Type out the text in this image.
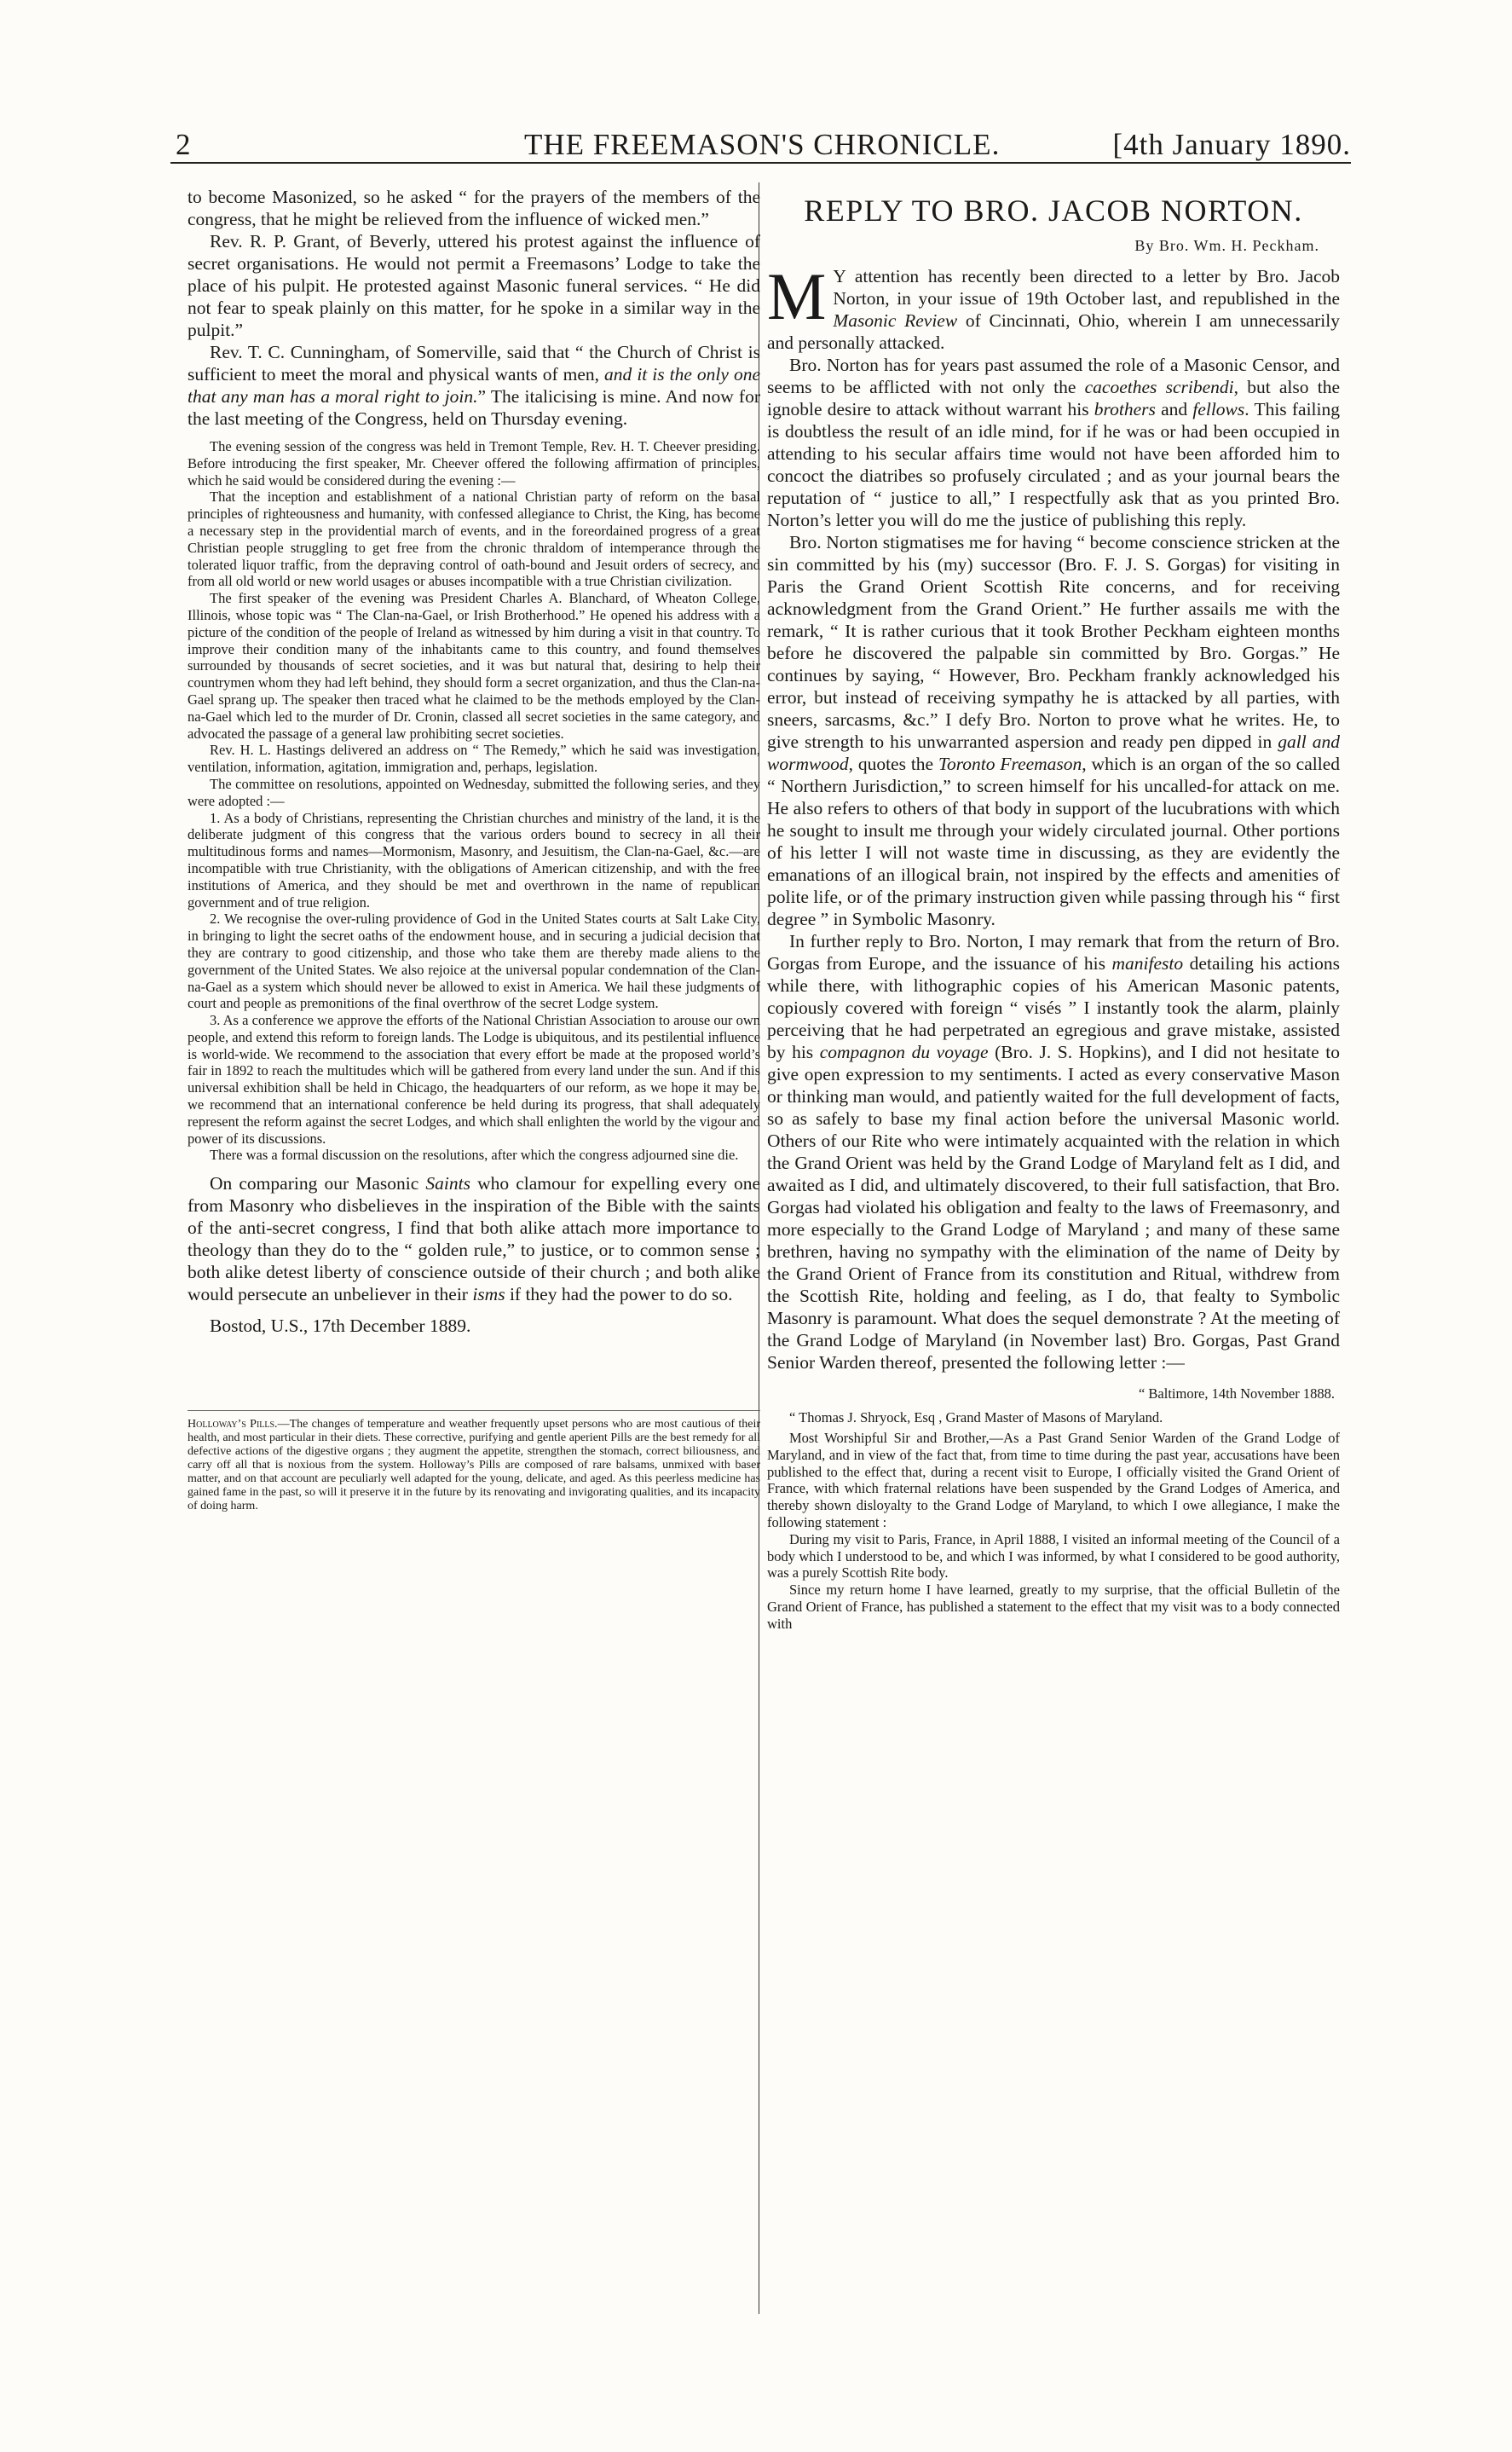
2	THE FREEMASON'S CHRONICLE.	[4th January 1890.

to become Masonized, so he asked “ for the prayers of the members of the congress, that he might be relieved from the influence of wicked men.”

Rev. R. P. Grant, of Beverly, uttered his protest against the influence of secret organisations. He would not permit a Freemasons’ Lodge to take the place of his pulpit. He protested against Masonic funeral services. “ He did not fear to speak plainly on this matter, for he spoke in a similar way in the pulpit.”

Rev. T. C. Cunningham, of Somerville, said that “ the Church of Christ is sufficient to meet the moral and physical wants of men, and it is the only one that any man has a moral right to join.” The italicising is mine. And now for the last meeting of the Congress, held on Thursday evening.

The evening session of the congress was held in Tremont Temple, Rev. H. T. Cheever presiding. Before introducing the first speaker, Mr. Cheever offered the following affirmation of principles, which he said would be considered during the evening :—

That the inception and establishment of a national Christian party of reform on the basal principles of righteousness and humanity, with confessed allegiance to Christ, the King, has become a necessary step in the providential march of events, and in the foreordained progress of a great Christian people struggling to get free from the chronic thraldom of intemperance through the tolerated liquor traffic, from the depraving control of oath-bound and Jesuit orders of secrecy, and from all old world or new world usages or abuses incompatible with a true Christian civilization.

The first speaker of the evening was President Charles A. Blanchard, of Wheaton College, Illinois, whose topic was “ The Clan-na-Gael, or Irish Brotherhood.” He opened his address with a picture of the condition of the people of Ireland as witnessed by him during a visit in that country. To improve their condition many of the inhabitants came to this country, and found themselves surrounded by thousands of secret societies, and it was but natural that, desiring to help their countrymen whom they had left behind, they should form a secret organization, and thus the Clan-na-Gael sprang up. The speaker then traced what he claimed to be the methods employed by the Clan-na-Gael which led to the murder of Dr. Cronin, classed all secret societies in the same category, and advocated the passage of a general law prohibiting secret societies.

Rev. H. L. Hastings delivered an address on “ The Remedy,” which he said was investigation, ventilation, information, agitation, immigration and, perhaps, legislation.

The committee on resolutions, appointed on Wednesday, submitted the following series, and they were adopted :—

1. As a body of Christians, representing the Christian churches and ministry of the land, it is the deliberate judgment of this congress that the various orders bound to secrecy in all their multitudinous forms and names—Mormonism, Masonry, and Jesuitism, the Clan-na-Gael, &c.—are incompatible with true Christianity, with the obligations of American citizenship, and with the free institutions of America, and they should be met and overthrown in the name of republican government and of true religion.

2. We recognise the over-ruling providence of God in the United States courts at Salt Lake City, in bringing to light the secret oaths of the endowment house, and in securing a judicial decision that they are contrary to good citizenship, and those who take them are thereby made aliens to the government of the United States. We also rejoice at the universal popular condemnation of the Clan-na-Gael as a system which should never be allowed to exist in America. We hail these judgments of court and people as premonitions of the final overthrow of the secret Lodge system.

3. As a conference we approve the efforts of the National Christian Association to arouse our own people, and extend this reform to foreign lands. The Lodge is ubiquitous, and its pestilential influence is world-wide. We recommend to the association that every effort be made at the proposed world’s fair in 1892 to reach the multitudes which will be gathered from every land under the sun. And if this universal exhibition shall be held in Chicago, the headquarters of our reform, as we hope it may be, we recommend that an international conference be held during its progress, that shall adequately represent the reform against the secret Lodges, and which shall enlighten the world by the vigour and power of its discussions.

There was a formal discussion on the resolutions, after which the congress adjourned sine die.

On comparing our Masonic Saints who clamour for expelling every one from Masonry who disbelieves in the inspiration of the Bible with the saints of the anti-secret congress, I find that both alike attach more importance to theology than they do to the “ golden rule,” to justice, or to common sense ; both alike detest liberty of conscience outside of their church ; and both alike would persecute an unbeliever in their isms if they had the power to do so.

Bostod, U.S., 17th December 1889.

Holloway’s Pills.—The changes of temperature and weather frequently upset persons who are most cautious of their health, and most particular in their diets. These corrective, purifying and gentle aperient Pills are the best remedy for all defective actions of the digestive organs ; they augment the appetite, strengthen the stomach, correct biliousness, and carry off all that is noxious from the system. Holloway’s Pills are composed of rare balsams, unmixed with baser matter, and on that account are peculiarly well adapted for the young, delicate, and aged. As this peerless medicine has gained fame in the past, so will it preserve it in the future by its renovating and invigorating qualities, and its incapacity of doing harm.

REPLY TO BRO. JACOB NORTON.
By Bro. Wm. H. Peckham.

M Y attention has recently been directed to a letter by Bro. Jacob Norton, in your issue of 19th October last, and republished in the Masonic Review of Cincinnati, Ohio, wherein I am unnecessarily and personally attacked.

Bro. Norton has for years past assumed the role of a Masonic Censor, and seems to be afflicted with not only the cacoethes scribendi, but also the ignoble desire to attack without warrant his brothers and fellows. This failing is doubtless the result of an idle mind, for if he was or had been occupied in attending to his secular affairs time would not have been afforded him to concoct the diatribes so profusely circulated ; and as your journal bears the reputation of “ justice to all,” I respectfully ask that as you printed Bro. Norton’s letter you will do me the justice of publishing this reply.

Bro. Norton stigmatises me for having “ become conscience stricken at the sin committed by his (my) successor (Bro. F. J. S. Gorgas) for visiting in Paris the Grand Orient Scottish Rite concerns, and for receiving acknowledgment from the Grand Orient.” He further assails me with the remark, “ It is rather curious that it took Brother Peckham eighteen months before he discovered the palpable sin committed by Bro. Gorgas.” He continues by saying, “ However, Bro. Peckham frankly acknowledged his error, but instead of receiving sympathy he is attacked by all parties, with sneers, sarcasms, &c.” I defy Bro. Norton to prove what he writes. He, to give strength to his unwarranted aspersion and ready pen dipped in gall and wormwood, quotes the Toronto Freemason, which is an organ of the so called “ Northern Jurisdiction,” to screen himself for his uncalled-for attack on me. He also refers to others of that body in support of the lucubrations with which he sought to insult me through your widely circulated journal. Other portions of his letter I will not waste time in discussing, as they are evidently the emanations of an illogical brain, not inspired by the effects and amenities of polite life, or of the primary instruction given while passing through his “ first degree ” in Symbolic Masonry.

In further reply to Bro. Norton, I may remark that from the return of Bro. Gorgas from Europe, and the issuance of his manifesto detailing his actions while there, with lithographic copies of his American Masonic patents, copiously covered with foreign “ visés ” I instantly took the alarm, plainly perceiving that he had perpetrated an egregious and grave mistake, assisted by his compagnon du voyage (Bro. J. S. Hopkins), and I did not hesitate to give open expression to my sentiments. I acted as every conservative Mason or thinking man would, and patiently waited for the full development of facts, so as safely to base my final action before the universal Masonic world. Others of our Rite who were intimately acquainted with the relation in which the Grand Orient was held by the Grand Lodge of Maryland felt as I did, and awaited as I did, and ultimately discovered, to their full satisfaction, that Bro. Gorgas had violated his obligation and fealty to the laws of Freemasonry, and more especially to the Grand Lodge of Maryland ; and many of these same brethren, having no sympathy with the elimination of the name of Deity by the Grand Orient of France from its constitution and Ritual, withdrew from the Scottish Rite, holding and feeling, as I do, that fealty to Symbolic Masonry is paramount. What does the sequel demonstrate ? At the meeting of the Grand Lodge of Maryland (in November last) Bro. Gorgas, Past Grand Senior Warden thereof, presented the following letter :—

“ Baltimore, 14th November 1888.

“ Thomas J. Shryock, Esq , Grand Master of Masons of Maryland.

Most Worshipful Sir and Brother,—As a Past Grand Senior Warden of the Grand Lodge of Maryland, and in view of the fact that, from time to time during the past year, accusations have been published to the effect that, during a recent visit to Europe, I officially visited the Grand Orient of France, with which fraternal relations have been suspended by the Grand Lodges of America, and thereby shown disloyalty to the Grand Lodge of Maryland, to which I owe allegiance, I make the following statement :

During my visit to Paris, France, in April 1888, I visited an informal meeting of the Council of a body which I understood to be, and which I was informed, by what I considered to be good authority, was a purely Scottish Rite body.

Since my return home I have learned, greatly to my surprise, that the official Bulletin of the Grand Orient of France, has published a statement to the effect that my visit was to a body connected with
